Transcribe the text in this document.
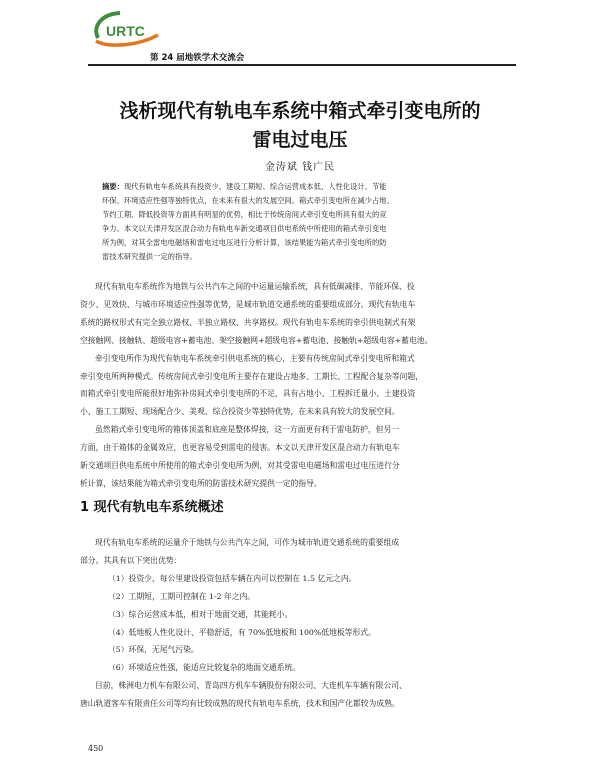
URTC
第 24 届地铁学术交流会
浅析现代有轨电车系统中箱式牵引变电所的
雷电过电压
金涛斌 钱广民
摘要：现代有轨电车系统具有投资少、建设工期短、综合运营成本低、人性化设计、节能
环保、环境适应性强等独特优点，在未来有很大的发展空间。箱式牵引变电所在减少占地、
节约工期、降低投资等方面具有明显的优势，相比于传统房间式牵引变电所具有很大的竞
争力。本文以天津开发区混合动力有轨电车新交通项目供电系统中所使用的箱式牵引变电
所为例，对其全雷电电磁场和雷电过电压进行分析计算，该结果能为箱式牵引变电所的防
雷技术研究提供一定的指导。
现代有轨电车系统作为地铁与公共汽车之间的中运量运输系统，具有低碳减排、节能环保、投
资少、见效快、与城市环境适应性强等优势，是城市轨道交通系统的重要组成部分。现代有轨电车
系统的路权形式有完全独立路权、半独立路权、共享路权。现代有轨电车系统的牵引供电制式有架
空接触网、接触轨、超级电容+蓄电池、架空接触网+超级电容+蓄电池、接触轨+超级电容+蓄电池。
牵引变电所作为现代有轨电车系统牵引供电系统的核心，主要有传统房间式牵引变电所和箱式
牵引变电所两种模式。传统房间式牵引变电所主要存在建设占地多、工期长、工程配合复杂等问题，
而箱式牵引变电所能很好地弥补房间式牵引变电所的不足，具有占地小、工程拆迁量小、土建投资
小、施工工期短、现场配合少、美观、综合投资少等独特优势，在未来具有较大的发展空间。
虽然箱式牵引变电所的箱体顶盖和底座是整体焊接，这一方面更有利于雷电防护，但另一
方面，由于箱体的金属效应，也更容易受到雷电的侵害。本文以天津开发区混合动力有轨电车
新交通项目供电系统中所使用的箱式牵引变电所为例，对其受雷电电磁场和雷电过电压进行分
析计算，该结果能为箱式牵引变电所的防雷技术研究提供一定的指导。
1 现代有轨电车系统概述
现代有轨电车系统的运量介于地铁与公共汽车之间，可作为城市轨道交通系统的重要组成
部分。其具有以下突出优势：
（1）投资少，每公里建设投资包括车辆在内可以控制在 1.5 亿元之内。
（2）工期短，工期可控制在 1-2 年之内。
（3）综合运营成本低，相对于地面交通，其能耗小。
（4）低地板人性化设计、平稳舒适，有 70%低地板和 100%低地板等形式。
（5）环保，无尾气污染。
（6）环境适应性强，能适应比较复杂的地面交通系统。
目前，株洲电力机车有限公司、青岛四方机车车辆股份有限公司、大连机车车辆有限公司、
唐山轨道客车有限责任公司等均有比较成熟的现代有轨电车系统，技术和国产化都较为成熟。
450
